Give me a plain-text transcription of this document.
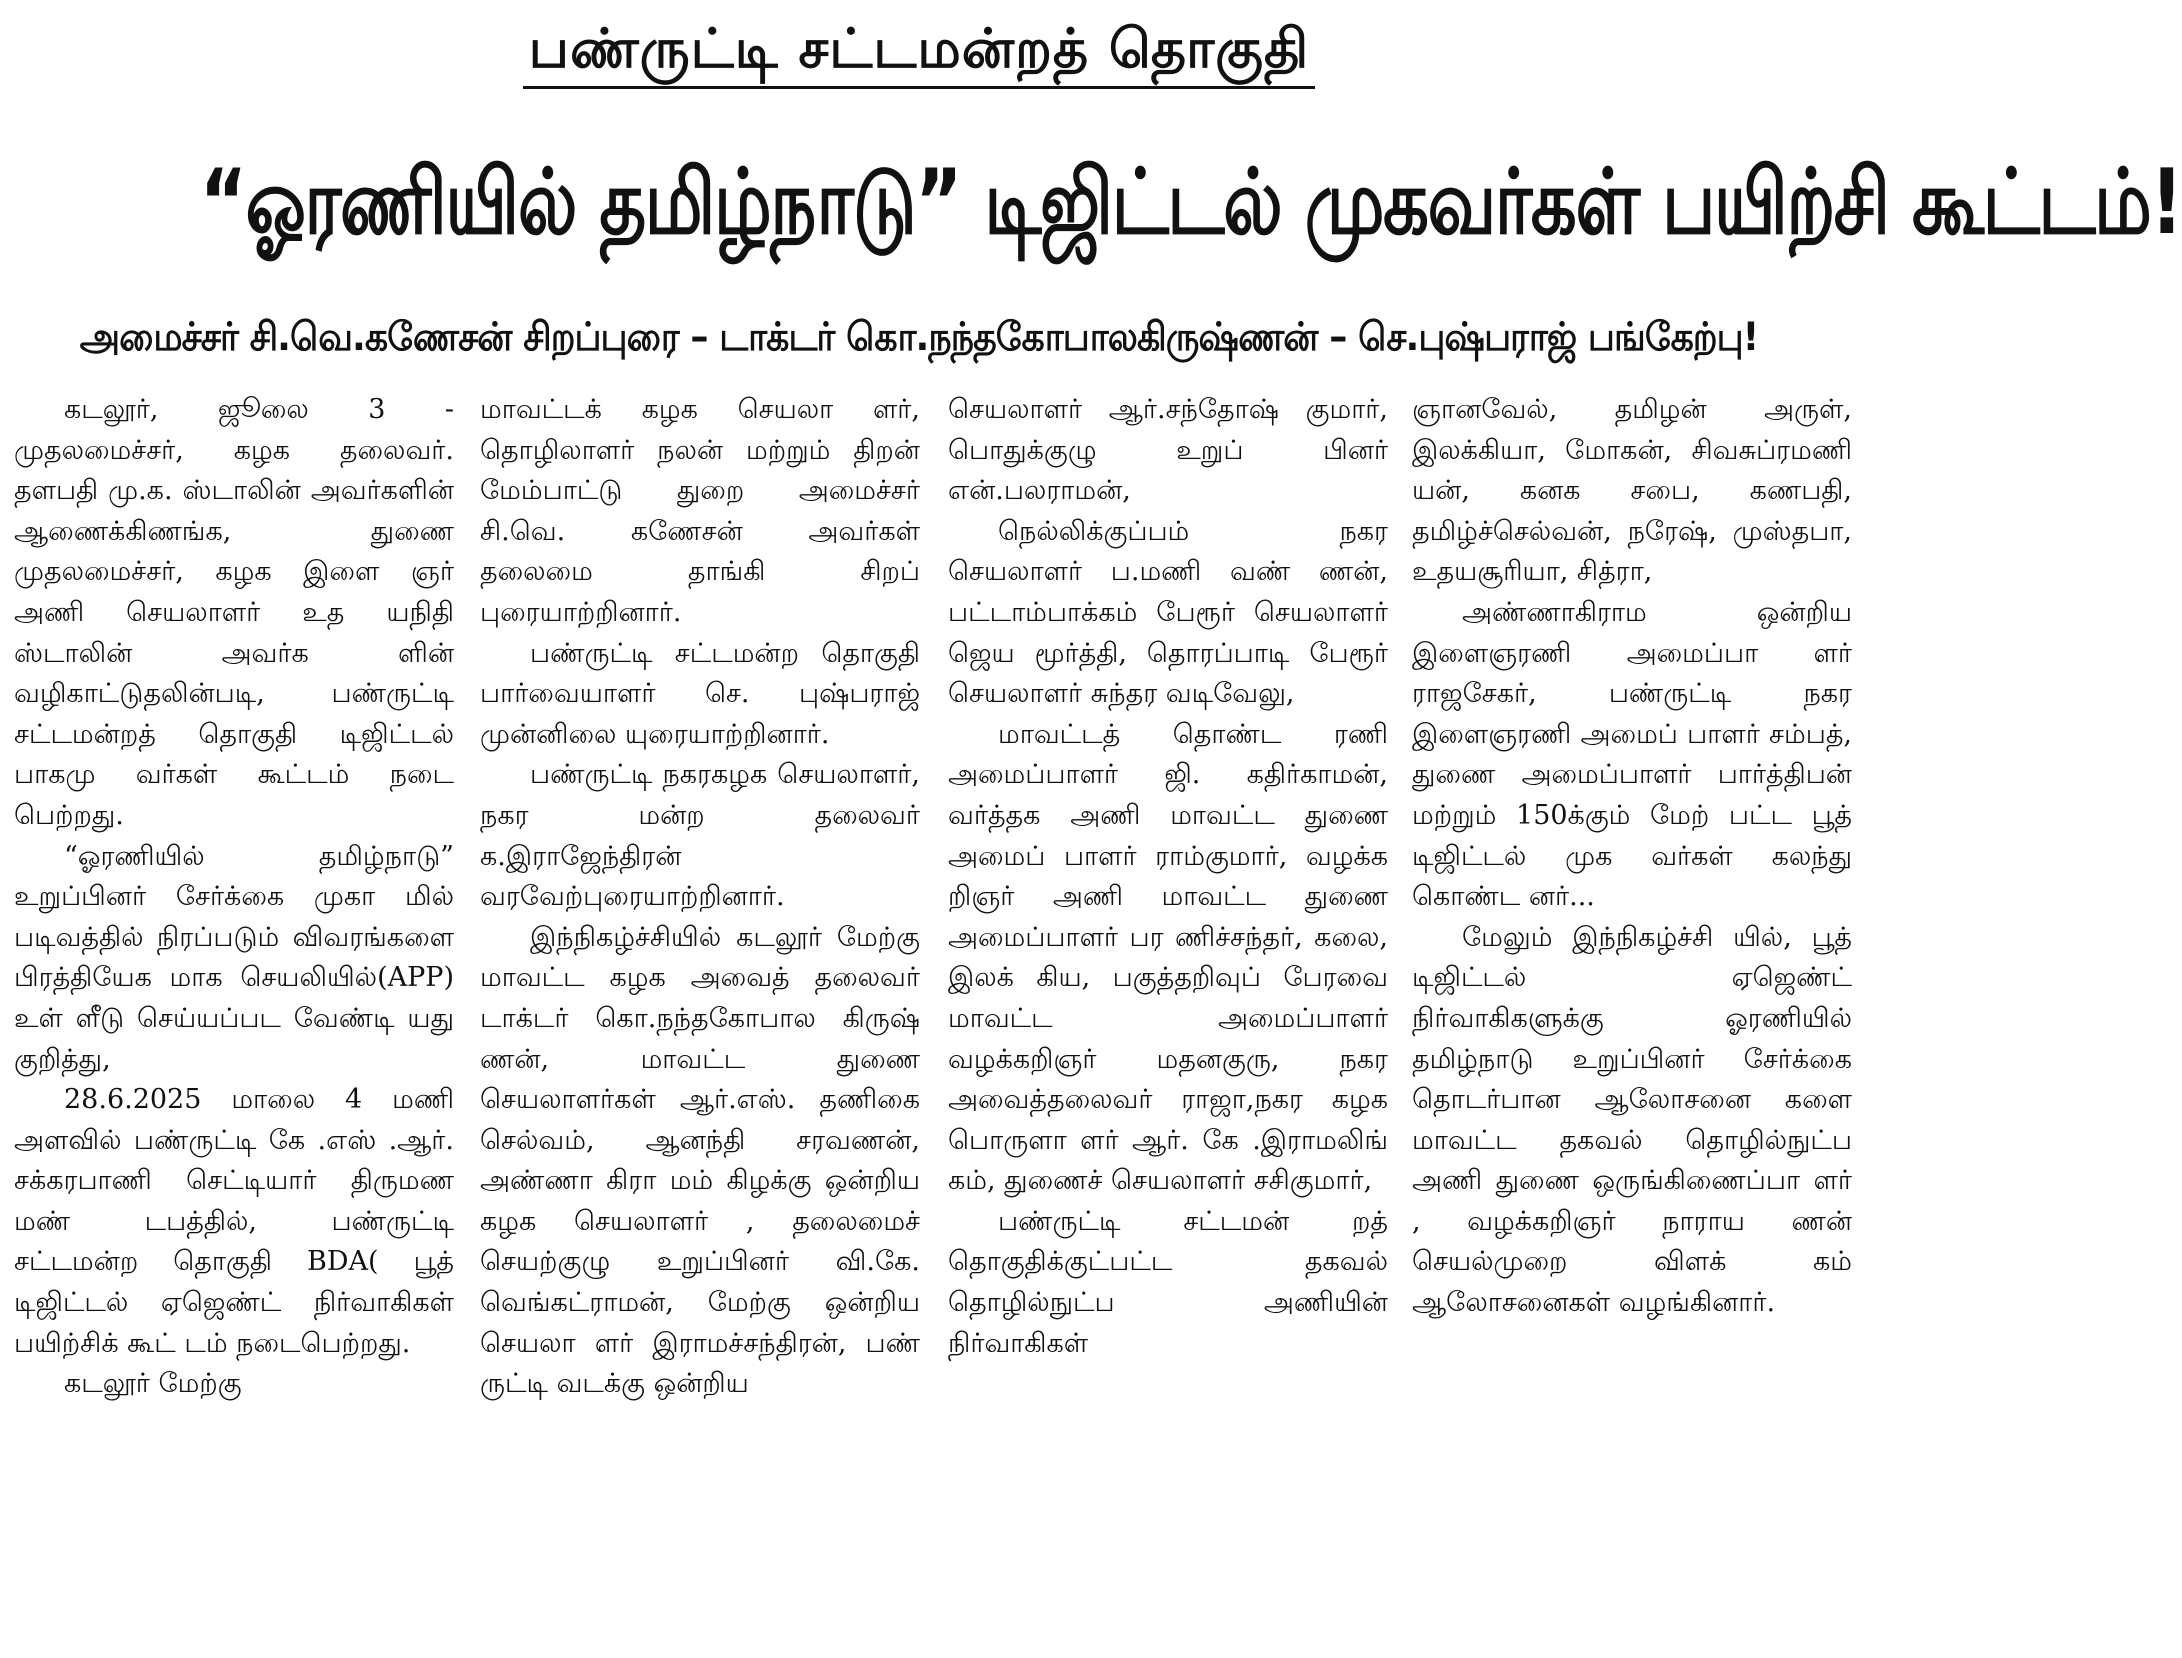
பண்ருட்டி சட்டமன்றத் தொகுதி
“ஓரணியில் தமிழ்நாடு” டிஜிட்டல் முகவர்கள் பயிற்சி கூட்டம்!
அமைச்சர் சி.வெ.கணேசன் சிறப்புரை – டாக்டர் கொ.நந்தகோபாலகிருஷ்ணன் – செ.புஷ்பராஜ் பங்கேற்பு!

கடலூர், ஜூலை 3 - முதலமைச்சர், கழக தலைவர். தளபதி மு.க. ஸ்டாலின் அவர்களின் ஆணைக்கிணங்க, துணை முதலமைச்சர், கழக இளை ஞர் அணி செயலாளர் உத யநிதி ஸ்டாலின் அவர்க ளின் வழிகாட்டுதலின்படி, பண்ருட்டி சட்டமன்றத் தொகுதி டிஜிட்டல் பாகமு வர்கள் கூட்டம் நடை பெற்றது.

“ஓரணியில் தமிழ்நாடு” உறுப்பினர் சேர்க்கை முகா மில் படிவத்தில் நிரப்படும் விவரங்களை பிரத்தியேக மாக செயலியில்(APP) உள் ளீடு செய்யப்பட வேண்டி யது குறித்து,

28.6.2025 மாலை 4 மணி அளவில் பண்ருட்டி கே .எஸ் .ஆர். சக்கரபாணி செட்டியார் திருமண மண் டபத்தில், பண்ருட்டி சட்டமன்ற தொகுதி BDA( பூத் டிஜிட்டல் ஏஜெண்ட் நிர்வாகிகள் பயிற்சிக் கூட் டம் நடைபெற்றது.

கடலூர் மேற்கு

மாவட்டக் கழக செயலா ளர், தொழிலாளர் நலன் மற்றும் திறன் மேம்பாட்டு துறை அமைச்சர் சி.வெ. கணேசன் அவர்கள் தலைமை தாங்கி சிறப் புரையாற்றினார்.

பண்ருட்டி சட்டமன்ற தொகுதி பார்வையாளர் செ. புஷ்பராஜ் முன்னிலை யுரையாற்றினார்.

பண்ருட்டி நகரகழக செயலாளர், நகர மன்ற தலைவர் க.இராஜேந்திரன் வரவேற்புரையாற்றினார்.

இந்நிகழ்ச்சியில் கடலூர் மேற்கு மாவட்ட கழக அவைத் தலைவர் டாக்டர் கொ.நந்தகோபால கிருஷ் ணன், மாவட்ட துணை செயலாளர்கள் ஆர்.எஸ். தணிகை செல்வம், ஆனந்தி சரவணன், அண்ணா கிரா மம் கிழக்கு ஒன்றிய கழக செயலாளர் , தலைமைச் செயற்குழு உறுப்பினர் வி.கே. வெங்கட்ராமன், மேற்கு ஒன்றிய செயலா ளர் இராமச்சந்திரன், பண் ருட்டி வடக்கு ஒன்றிய

செயலாளர் ஆர்.சந்தோஷ் குமார், பொதுக்குழு உறுப் பினர் என்.பலராமன்,

நெல்லிக்குப்பம் நகர செயலாளர் ப.மணி வண் ணன், பட்டாம்பாக்கம் பேரூர் செயலாளர் ஜெய மூர்த்தி, தொரப்பாடி பேரூர் செயலாளர் சுந்தர வடிவேலு,

மாவட்டத் தொண்ட ரணி அமைப்பாளர் ஜி. கதிர்காமன், வர்த்தக அணி மாவட்ட துணை அமைப் பாளர் ராம்குமார், வழக்க றிஞர் அணி மாவட்ட துணை அமைப்பாளர் பர ணிச்சந்தர், கலை, இலக் கிய, பகுத்தறிவுப் பேரவை மாவட்ட அமைப்பாளர் வழக்கறிஞர் மதனகுரு, நகர அவைத்தலைவர் ராஜா,நகர கழக பொருளா ளர் ஆர். கே .இராமலிங் கம், துணைச் செயலாளர் சசிகுமார்,

பண்ருட்டி சட்டமன் றத் தொகுதிக்குட்பட்ட தகவல் தொழில்நுட்ப அணியின் நிர்வாகிகள்

ஞானவேல், தமிழன் அருள், இலக்கியா, மோகன், சிவசுப்ரமணி யன், கனக சபை, கணபதி, தமிழ்ச்செல்வன், நரேஷ், முஸ்தபா, உதயசூரியா, சித்ரா,

அண்ணாகிராம ஒன்றிய இளைஞரணி அமைப்பா ளர் ராஜசேகர், பண்ருட்டி நகர இளைஞரணி அமைப் பாளர் சம்பத், துணை அமைப்பாளர் பார்த்திபன் மற்றும் 150க்கும் மேற் பட்ட பூத் டிஜிட்டல் முக வர்கள் கலந்து கொண்ட னர்...

மேலும் இந்நிகழ்ச்சி யில், பூத் டிஜிட்டல் ஏஜெண்ட் நிர்வாகிகளுக்கு ஓரணியில் தமிழ்நாடு உறுப்பினர் சேர்க்கை தொடர்பான ஆலோசனை களை மாவட்ட தகவல் தொழில்நுட்ப அணி துணை ஒருங்கிணைப்பா ளர் , வழக்கறிஞர் நாராய ணன் செயல்முறை விளக் கம் ஆலோசனைகள் வழங்கினார்.
